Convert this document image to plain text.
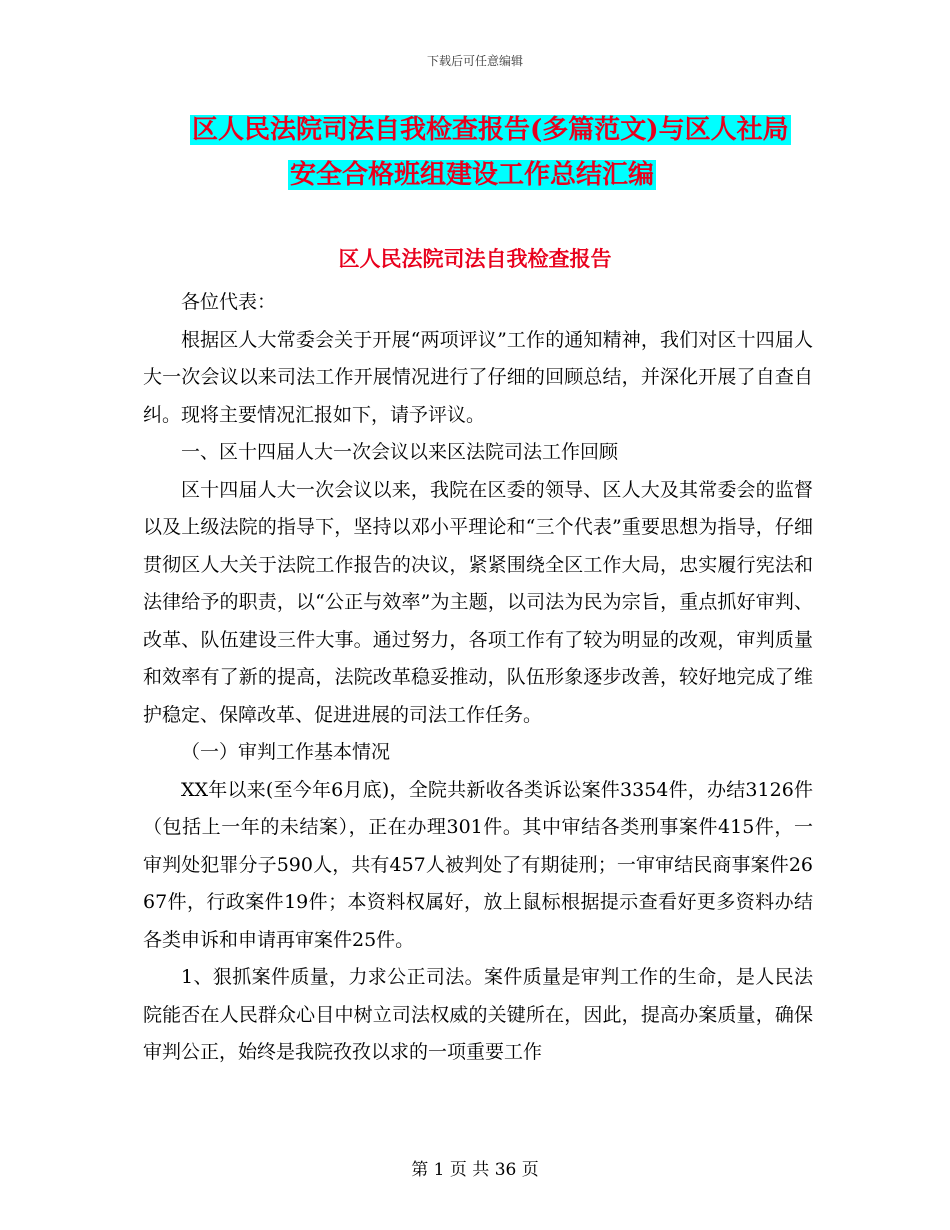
下载后可任意编辑
区人民法院司法自我检查报告(多篇范文)与区人社局
安全合格班组建设工作总结汇编
区人民法院司法自我检查报告

各位代表：

根据区人大常委会关于开展“两项评议”工作的通知精神，我们对区十四届人大一次会议以来司法工作开展情况进行了仔细的回顾总结，并深化开展了自查自纠。现将主要情况汇报如下，请予评议。

一、区十四届人大一次会议以来区法院司法工作回顾

区十四届人大一次会议以来，我院在区委的领导、区人大及其常委会的监督以及上级法院的指导下，坚持以邓小平理论和“三个代表”重要思想为指导，仔细贯彻区人大关于法院工作报告的决议，紧紧围绕全区工作大局，忠实履行宪法和法律给予的职责，以“公正与效率”为主题，以司法为民为宗旨，重点抓好审判、改革、队伍建设三件大事。通过努力，各项工作有了较为明显的改观，审判质量和效率有了新的提高，法院改革稳妥推动，队伍形象逐步改善，较好地完成了维护稳定、保障改革、促进进展的司法工作任务。

（一）审判工作基本情况

XX年以来(至今年6月底)，全院共新收各类诉讼案件3354件，办结3126件（包括上一年的未结案），正在办理301件。其中审结各类刑事案件415件，一审判处犯罪分子590人，共有457人被判处了有期徒刑；一审审结民商事案件2667件，行政案件19件；本资料权属好，放上鼠标根据提示查看好更多资料办结各类申诉和申请再审案件25件。

1、狠抓案件质量，力求公正司法。案件质量是审判工作的生命，是人民法院能否在人民群众心目中树立司法权威的关键所在，因此，提高办案质量，确保审判公正，始终是我院孜孜以求的一项重要工作

第 1 页 共 36 页
